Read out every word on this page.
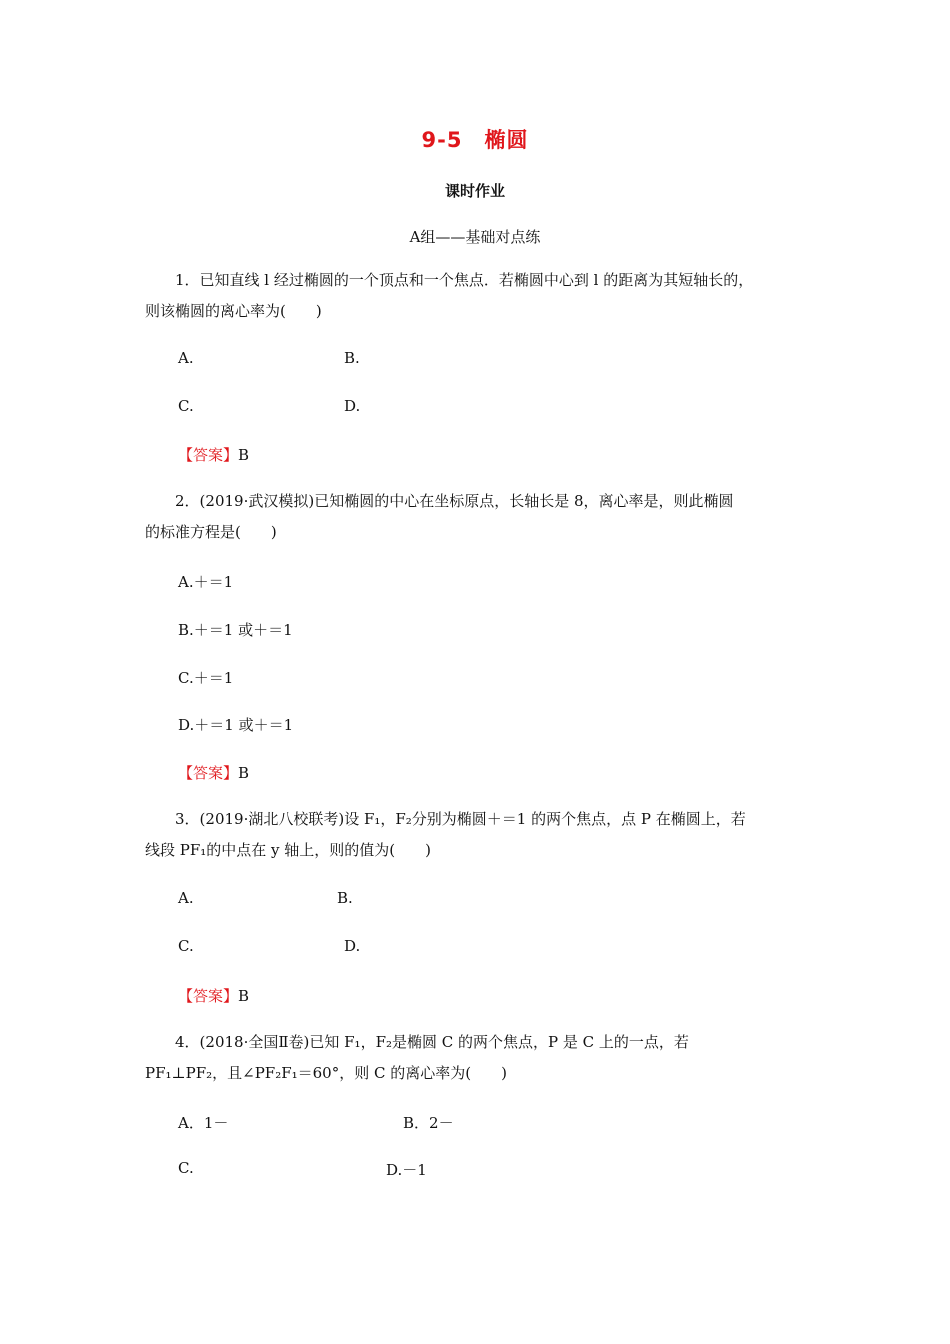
9-5　椭圆
课时作业
A组——基础对点练
1．已知直线 l 经过椭圆的一个顶点和一个焦点．若椭圆中心到 l 的距离为其短轴长的，
则该椭圆的离心率为(　　)
A.	B.
C.	D.
【答案】B
2．(2019·武汉模拟)已知椭圆的中心在坐标原点，长轴长是 8，离心率是，则此椭圆
的标准方程是(　　)
A.＋＝1
B.＋＝1 或＋＝1
C.＋＝1
D.＋＝1 或＋＝1
【答案】B
3．(2019·湖北八校联考)设 F₁，F₂分别为椭圆＋＝1 的两个焦点，点 P 在椭圆上，若
线段 PF₁的中点在 y 轴上，则的值为(　　)
A.	B.
C.	D.
【答案】B
4．(2018·全国Ⅱ卷)已知 F₁，F₂是椭圆 C 的两个焦点，P 是 C 上的一点，若
PF₁⊥PF₂，且∠PF₂F₁＝60°，则 C 的离心率为(　　)
A．1－	B．2－
C.	D.－1
